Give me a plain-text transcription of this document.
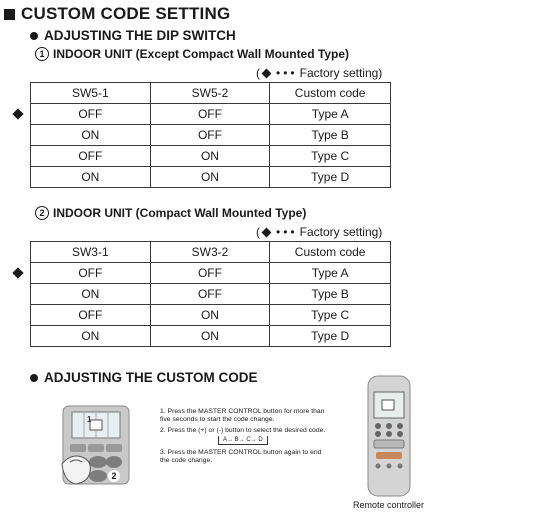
CUSTOM CODE SETTING
ADJUSTING THE DIP SWITCH
1 INDOOR UNIT (Except Compact Wall Mounted Type)
( ••• Factory setting)
SW5-1	SW5-2	Custom code
OFF	OFF	Type A
ON	OFF	Type B
OFF	ON	Type C
ON	ON	Type D
2 INDOOR UNIT (Compact Wall Mounted Type)
( ••• Factory setting)
SW3-1	SW3-2	Custom code
OFF	OFF	Type A
ON	OFF	Type B
OFF	ON	Type C
ON	ON	Type D
ADJUSTING THE CUSTOM CODE
2
1

1. Press the MASTER CONTROL button for more than five seconds to start the code change.

2. Press the (+) or (-) button to select the desired code.

A→ B→ C→ D

3. Press the MASTER CONTROL button again to end the code change.

Remote controller
